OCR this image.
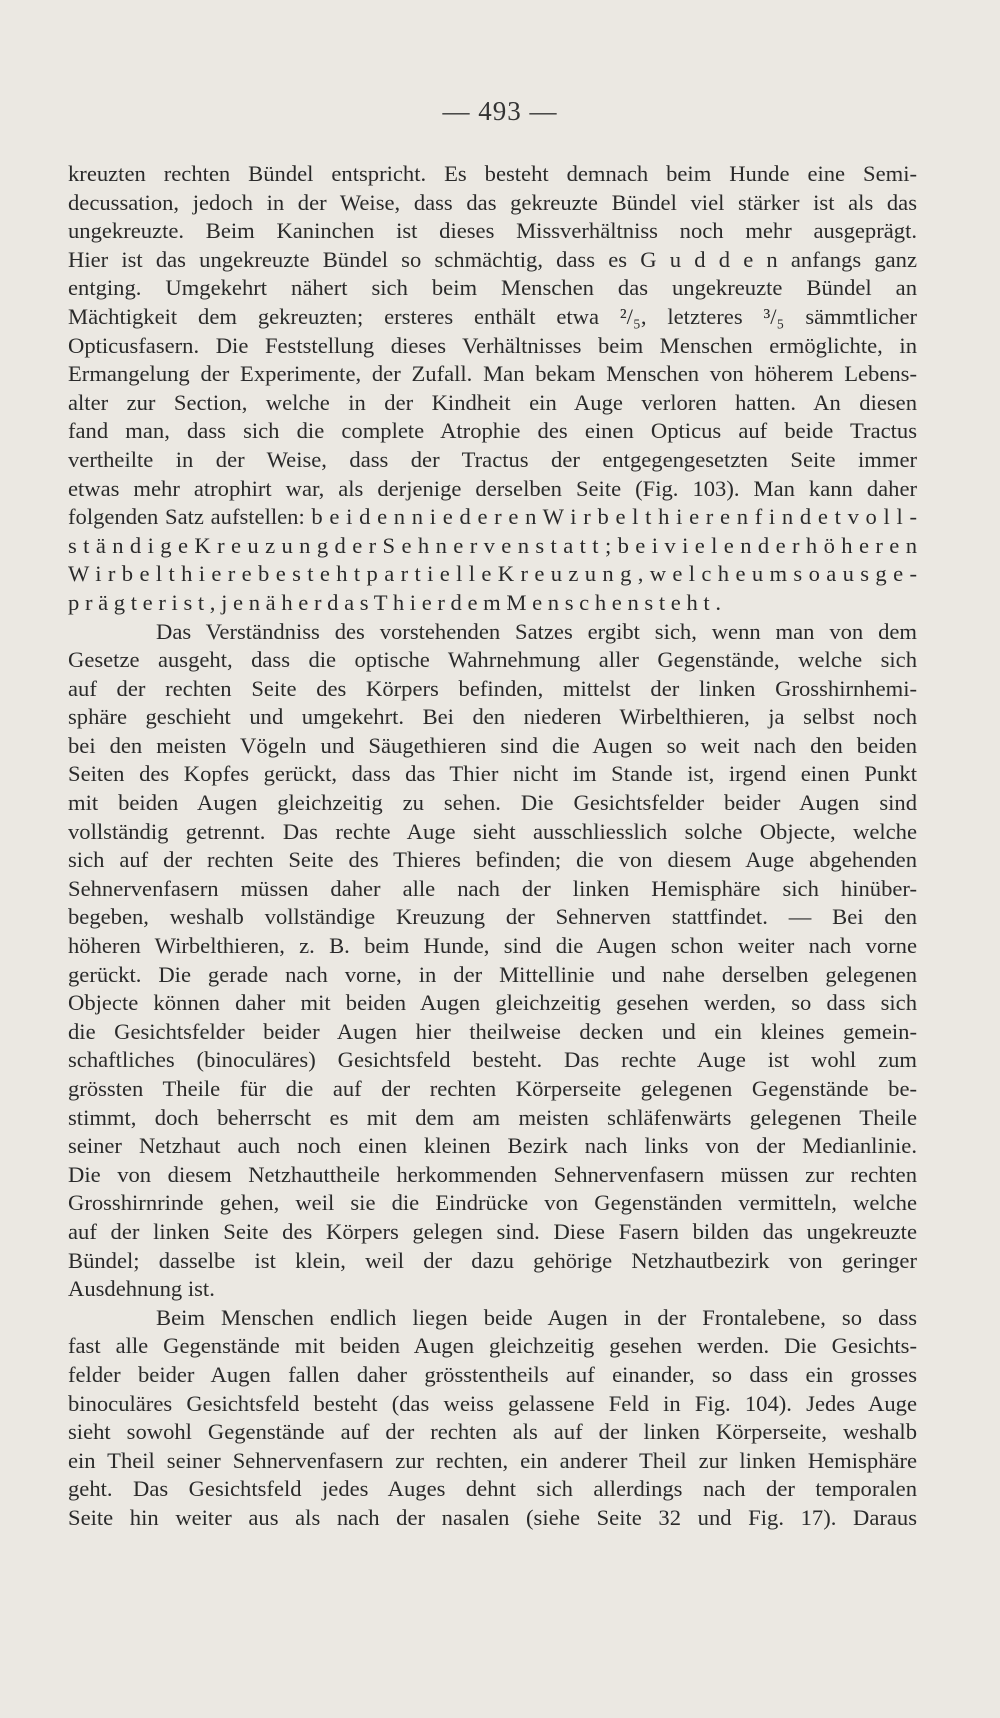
— 493 —
kreuzten rechten Bündel entspricht. Es besteht demnach beim Hunde eine Semi-
decussation, jedoch in der Weise, dass das gekreuzte Bündel viel stärker ist als das
ungekreuzte. Beim Kaninchen ist dieses Missverhältniss noch mehr ausgeprägt.
Hier ist das ungekreuzte Bündel so schmächtig, dass es G u d d e n anfangs ganz
entging. Umgekehrt nähert sich beim Menschen das ungekreuzte Bündel an
Mächtigkeit dem gekreuzten; ersteres enthält etwa ²/₅, letzteres ³/₅ sämmtlicher
Opticusfasern. Die Feststellung dieses Verhältnisses beim Menschen ermöglichte, in
Ermangelung der Experimente, der Zufall. Man bekam Menschen von höherem Lebens-
alter zur Section, welche in der Kindheit ein Auge verloren hatten. An diesen
fand man, dass sich die complete Atrophie des einen Opticus auf beide Tractus
vertheilte in der Weise, dass der Tractus der entgegengesetzten Seite immer
etwas mehr atrophirt war, als derjenige derselben Seite (Fig. 103). Man kann daher
folgenden Satz aufstellen: b e i d e n n i e d e r e n W i r b e l t h i e r e n f i n d e t v o l l -
s t ä n d i g e K r e u z u n g d e r S e h n e r v e n s t a t t ; b e i v i e l e n d e r h ö h e r e n
W i r b e l t h i e r e b e s t e h t p a r t i e l l e K r e u z u n g , w e l c h e u m s o a u s g e -
p r ä g t e r i s t , j e n ä h e r d a s T h i e r d e m M e n s c h e n s t e h t .
Das Verständniss des vorstehenden Satzes ergibt sich, wenn man von dem
Gesetze ausgeht, dass die optische Wahrnehmung aller Gegenstände, welche sich
auf der rechten Seite des Körpers befinden, mittelst der linken Grosshirnhemi-
sphäre geschieht und umgekehrt. Bei den niederen Wirbelthieren, ja selbst noch
bei den meisten Vögeln und Säugethieren sind die Augen so weit nach den beiden
Seiten des Kopfes gerückt, dass das Thier nicht im Stande ist, irgend einen Punkt
mit beiden Augen gleichzeitig zu sehen. Die Gesichtsfelder beider Augen sind
vollständig getrennt. Das rechte Auge sieht ausschliesslich solche Objecte, welche
sich auf der rechten Seite des Thieres befinden; die von diesem Auge abgehenden
Sehnervenfasern müssen daher alle nach der linken Hemisphäre sich hinüber-
begeben, weshalb vollständige Kreuzung der Sehnerven stattfindet. — Bei den
höheren Wirbelthieren, z. B. beim Hunde, sind die Augen schon weiter nach vorne
gerückt. Die gerade nach vorne, in der Mittellinie und nahe derselben gelegenen
Objecte können daher mit beiden Augen gleichzeitig gesehen werden, so dass sich
die Gesichtsfelder beider Augen hier theilweise decken und ein kleines gemein-
schaftliches (binoculäres) Gesichtsfeld besteht. Das rechte Auge ist wohl zum
grössten Theile für die auf der rechten Körperseite gelegenen Gegenstände be-
stimmt, doch beherrscht es mit dem am meisten schläfenwärts gelegenen Theile
seiner Netzhaut auch noch einen kleinen Bezirk nach links von der Medianlinie.
Die von diesem Netzhauttheile herkommenden Sehnervenfasern müssen zur rechten
Grosshirnrinde gehen, weil sie die Eindrücke von Gegenständen vermitteln, welche
auf der linken Seite des Körpers gelegen sind. Diese Fasern bilden das ungekreuzte
Bündel; dasselbe ist klein, weil der dazu gehörige Netzhautbezirk von geringer
Ausdehnung ist.
Beim Menschen endlich liegen beide Augen in der Frontalebene, so dass
fast alle Gegenstände mit beiden Augen gleichzeitig gesehen werden. Die Gesichts-
felder beider Augen fallen daher grösstentheils auf einander, so dass ein grosses
binoculäres Gesichtsfeld besteht (das weiss gelassene Feld in Fig. 104). Jedes Auge
sieht sowohl Gegenstände auf der rechten als auf der linken Körperseite, weshalb
ein Theil seiner Sehnervenfasern zur rechten, ein anderer Theil zur linken Hemisphäre
geht. Das Gesichtsfeld jedes Auges dehnt sich allerdings nach der temporalen
Seite hin weiter aus als nach der nasalen (siehe Seite 32 und Fig. 17). Daraus
